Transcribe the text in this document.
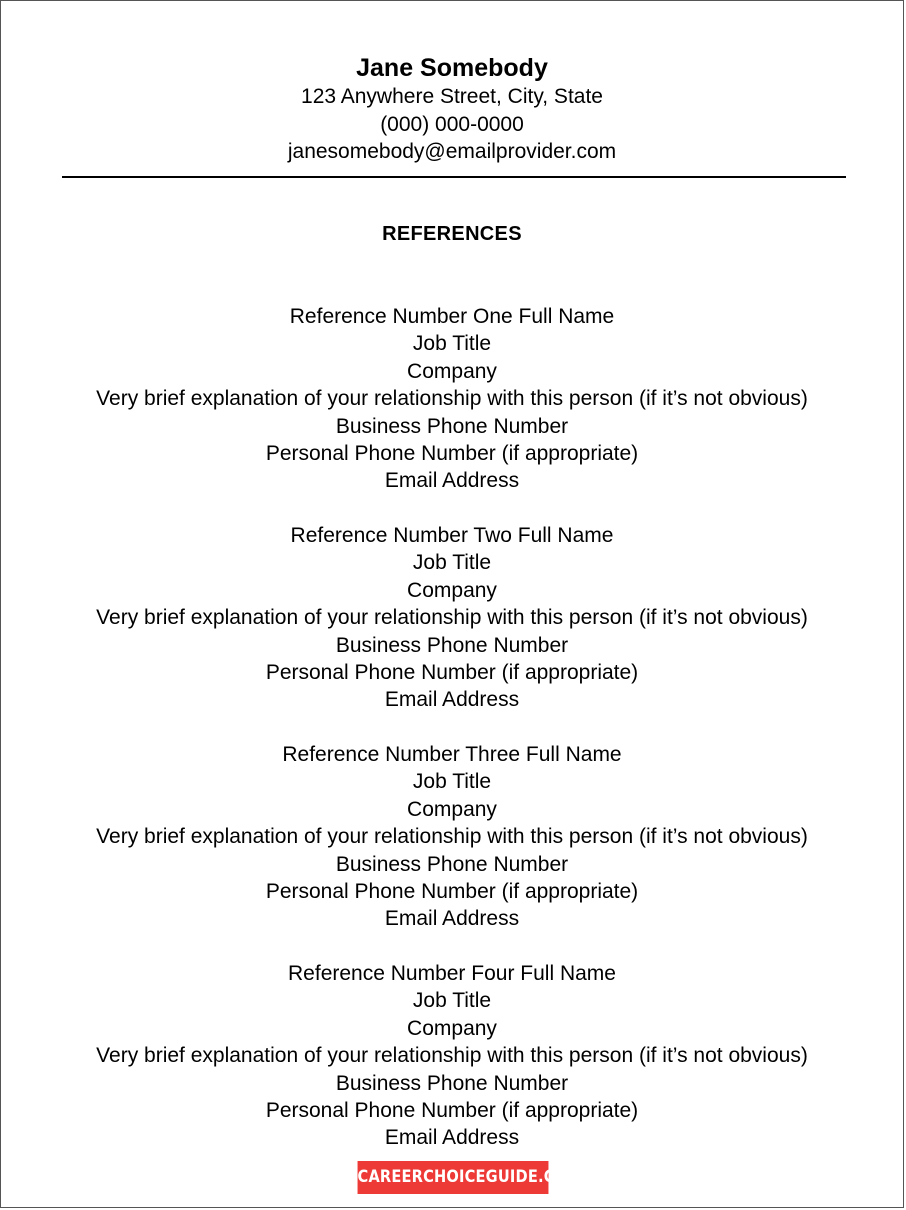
Jane Somebody
123 Anywhere Street, City, State
(000) 000-0000
janesomebody@emailprovider.com
REFERENCES
Reference Number One Full Name
Job Title
Company
Very brief explanation of your relationship with this person (if it’s not obvious)
Business Phone Number
Personal Phone Number (if appropriate)
Email Address
Reference Number Two Full Name
Job Title
Company
Very brief explanation of your relationship with this person (if it’s not obvious)
Business Phone Number
Personal Phone Number (if appropriate)
Email Address
Reference Number Three Full Name
Job Title
Company
Very brief explanation of your relationship with this person (if it’s not obvious)
Business Phone Number
Personal Phone Number (if appropriate)
Email Address
Reference Number Four Full Name
Job Title
Company
Very brief explanation of your relationship with this person (if it’s not obvious)
Business Phone Number
Personal Phone Number (if appropriate)
Email Address
CAREERCHOICEGUIDE.COM
